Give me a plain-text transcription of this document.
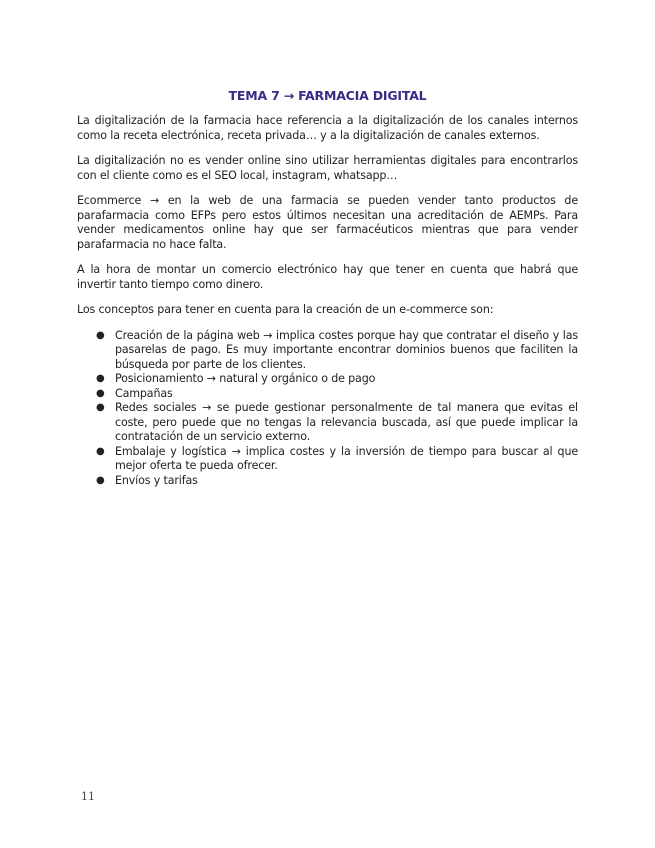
TEMA 7 → FARMACIA DIGITAL

La digitalización de la farmacia hace referencia a la digitalización de los canales internos como la receta electrónica, receta privada… y a la digitalización de canales externos.

La digitalización no es vender online sino utilizar herramientas digitales para encontrarlos con el cliente como es el SEO local, instagram, whatsapp…

Ecommerce → en la web de una farmacia se pueden vender tanto productos de parafarmacia como EFPs pero estos últimos necesitan una acreditación de AEMPs. Para vender medicamentos online hay que ser farmacéuticos mientras que para vender parafarmacia no hace falta.

A la hora de montar un comercio electrónico hay que tener en cuenta que habrá que invertir tanto tiempo como dinero.

Los conceptos para tener en cuenta para la creación de un e-commerce son:

● Creación de la página web → implica costes porque hay que contratar el diseño y las pasarelas de pago. Es muy importante encontrar dominios buenos que faciliten la búsqueda por parte de los clientes.
● Posicionamiento → natural y orgánico o de pago
● Campañas
● Redes sociales → se puede gestionar personalmente de tal manera que evitas el coste, pero puede que no tengas la relevancia buscada, así que puede implicar la contratación de un servicio externo.
● Embalaje y logística → implica costes y la inversión de tiempo para buscar al que mejor oferta te pueda ofrecer.
● Envíos y tarifas
11
